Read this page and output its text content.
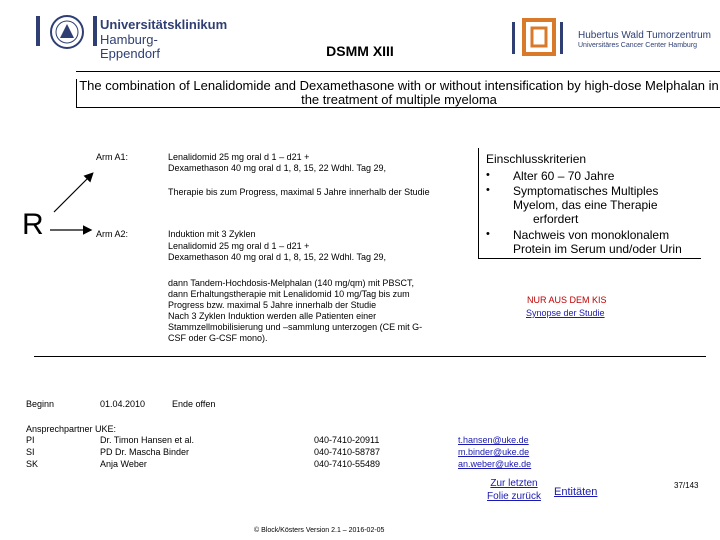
Universitätsklinikum
Hamburg-Eppendorf
Hubertus Wald Tumorzentrum
Universitäres Cancer Center Hamburg
DSMM XIII
The combination of Lenalidomide and Dexamethasone with or without intensification by high-dose Melphalan in the treatment of multiple myeloma
R
Arm A1:	Lenalidomid 25 mg oral d 1 – d21 +
Dexamethason 40 mg oral d 1, 8, 15, 22 Wdhl. Tag 29,
Therapie bis zum Progress, maximal 5 Jahre innerhalb der Studie
Arm A2:	Induktion mit 3 Zyklen
Lenalidomid 25 mg oral d 1 – d21 +
Dexamethason 40 mg oral d 1, 8, 15, 22 Wdhl. Tag 29,
dann Tandem-Hochdosis-Melphalan (140 mg/qm) mit PBSCT,
dann Erhaltungstherapie mit Lenalidomid 10 mg/Tag bis zum
Progress bzw. maximal 5 Jahre innerhalb der Studie
Nach 3 Zyklen Induktion werden alle Patienten einer
Stammzellmobilisierung und –sammlung unterzogen (CE mit G-
CSF oder G-CSF mono).
Einschlusskriterien
• Alter 60 – 70 Jahre
• Symptomatisches Multiples
Myelom, das eine Therapie
erfordert
• Nachweis von monoklonalem
Protein im Serum und/oder Urin
NUR AUS DEM KIS
Synopse der Studie
Beginn	01.04.2010	Ende offen
Ansprechpartner UKE:
PI	Dr. Timon Hansen et al.	040-7410-20911	t.hansen@uke.de
SI	PD Dr. Mascha Binder	040-7410-58787	m.binder@uke.de
SK	Anja Weber	040-7410-55489	an.weber@uke.de
Zur letzten
Folie zurück	Entitäten
37/143
© Block/Kösters Version 2.1 – 2016-02-05
